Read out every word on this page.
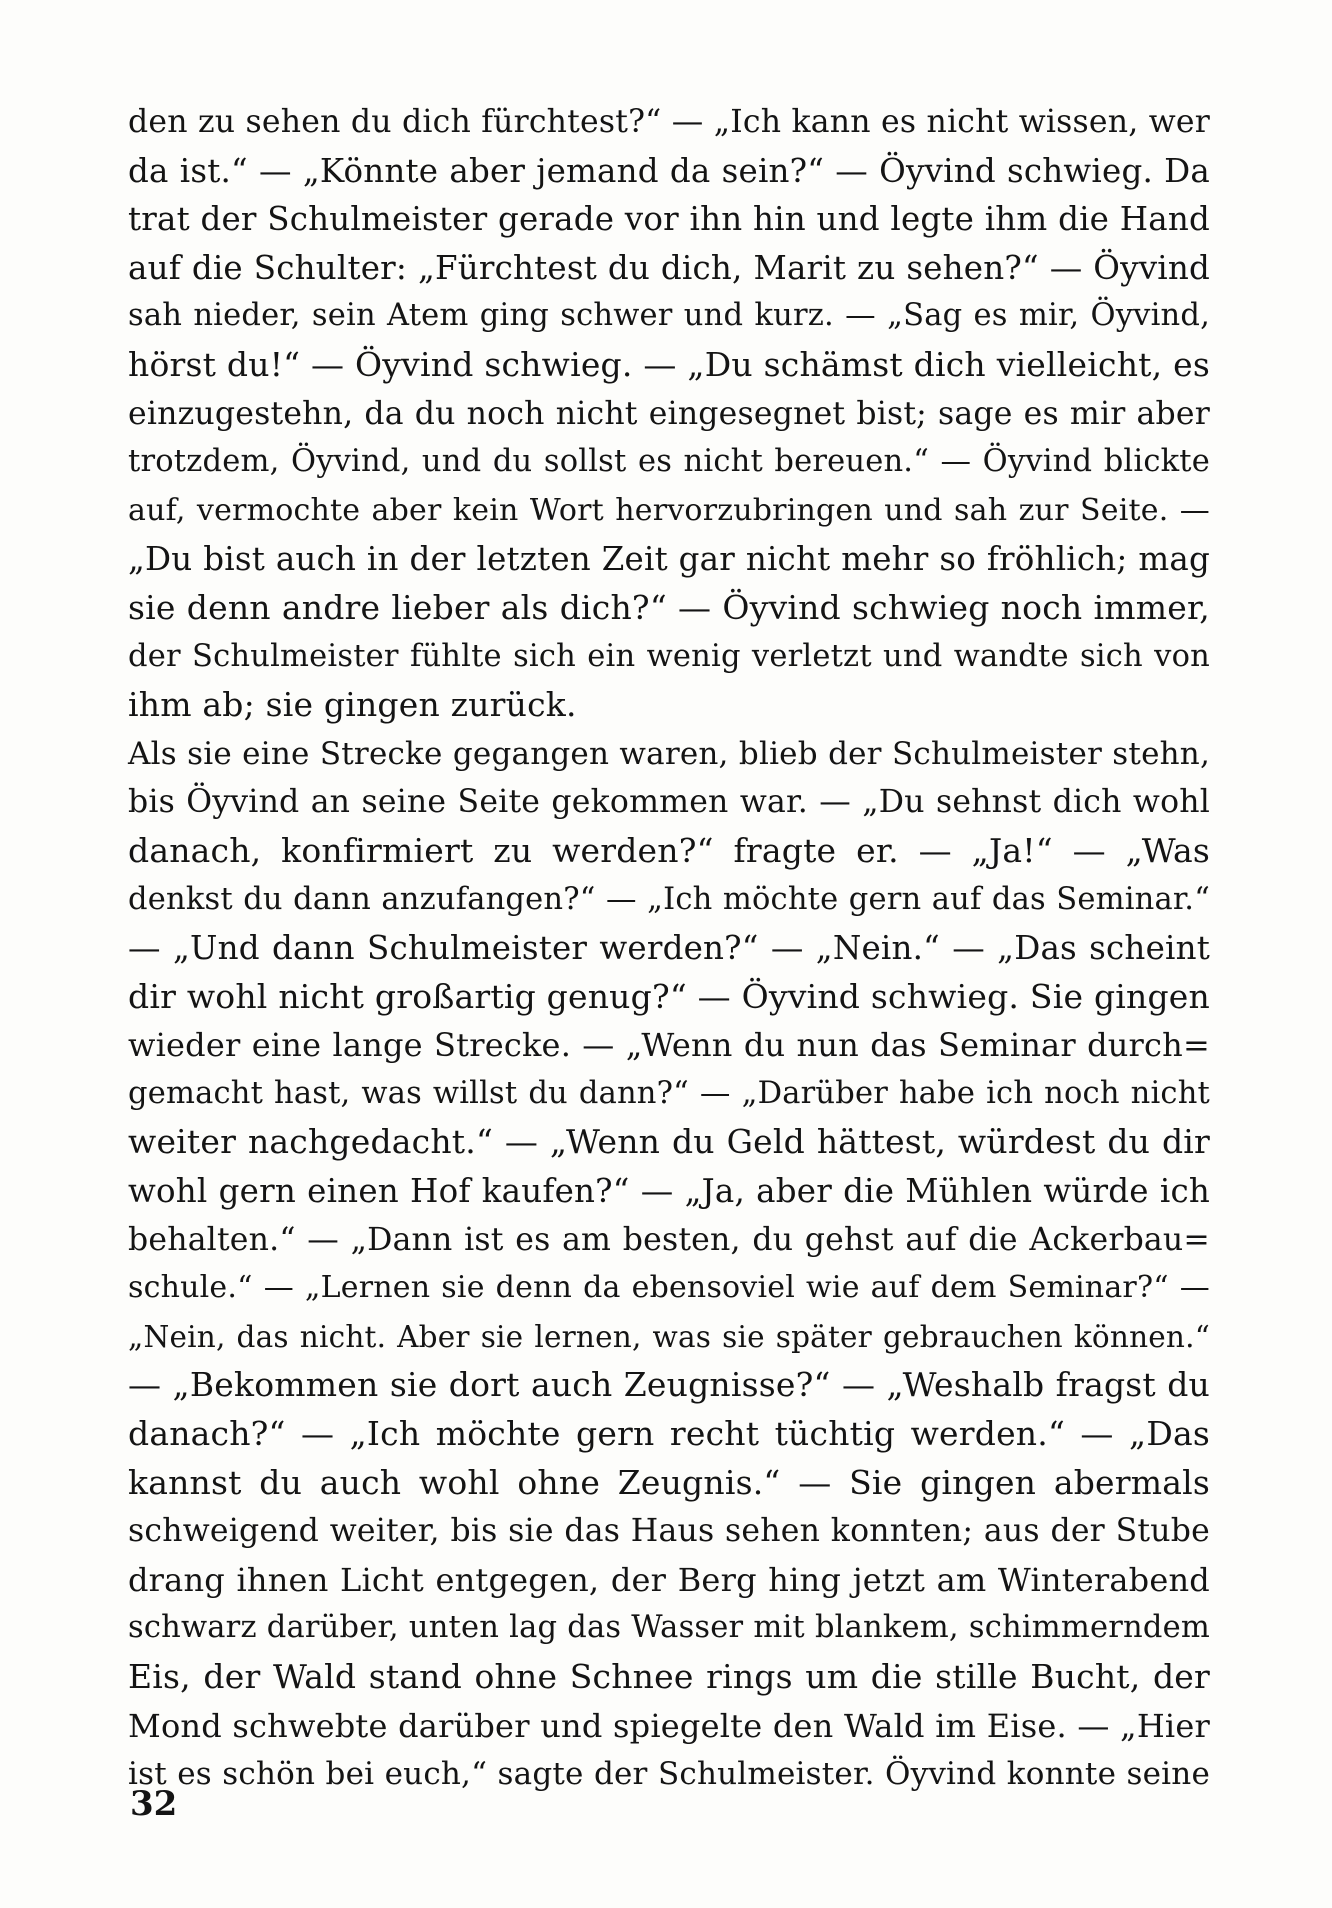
den zu sehen du dich fürchtest?“ — „Ich kann es nicht wissen, wer
da ist.“ — „Könnte aber jemand da sein?“ — Öyvind schwieg. Da
trat der Schulmeister gerade vor ihn hin und legte ihm die Hand
auf die Schulter: „Fürchtest du dich, Marit zu sehen?“ — Öyvind
sah nieder, sein Atem ging schwer und kurz. — „Sag es mir, Öyvind,
hörst du!“ — Öyvind schwieg. — „Du schämst dich vielleicht, es
einzugestehn, da du noch nicht eingesegnet bist; sage es mir aber
trotzdem, Öyvind, und du sollst es nicht bereuen.“ — Öyvind blickte
auf, vermochte aber kein Wort hervorzubringen und sah zur Seite. —
„Du bist auch in der letzten Zeit gar nicht mehr so fröhlich; mag
sie denn andre lieber als dich?“ — Öyvind schwieg noch immer,
der Schulmeister fühlte sich ein wenig verletzt und wandte sich von
ihm ab; sie gingen zurück.
Als sie eine Strecke gegangen waren, blieb der Schulmeister stehn,
bis Öyvind an seine Seite gekommen war. — „Du sehnst dich wohl
danach, konfirmiert zu werden?“ fragte er. — „Ja!“ — „Was
denkst du dann anzufangen?“ — „Ich möchte gern auf das Seminar.“
— „Und dann Schulmeister werden?“ — „Nein.“ — „Das scheint
dir wohl nicht großartig genug?“ — Öyvind schwieg. Sie gingen
wieder eine lange Strecke. — „Wenn du nun das Seminar durch=
gemacht hast, was willst du dann?“ — „Darüber habe ich noch nicht
weiter nachgedacht.“ — „Wenn du Geld hättest, würdest du dir
wohl gern einen Hof kaufen?“ — „Ja, aber die Mühlen würde ich
behalten.“ — „Dann ist es am besten, du gehst auf die Ackerbau=
schule.“ — „Lernen sie denn da ebensoviel wie auf dem Seminar?“ —
„Nein, das nicht. Aber sie lernen, was sie später gebrauchen können.“
— „Bekommen sie dort auch Zeugnisse?“ — „Weshalb fragst du
danach?“ — „Ich möchte gern recht tüchtig werden.“ — „Das
kannst du auch wohl ohne Zeugnis.“ — Sie gingen abermals
schweigend weiter, bis sie das Haus sehen konnten; aus der Stube
drang ihnen Licht entgegen, der Berg hing jetzt am Winterabend
schwarz darüber, unten lag das Wasser mit blankem, schimmerndem
Eis, der Wald stand ohne Schnee rings um die stille Bucht, der
Mond schwebte darüber und spiegelte den Wald im Eise. — „Hier
ist es schön bei euch,“ sagte der Schulmeister. Öyvind konnte seine
32
